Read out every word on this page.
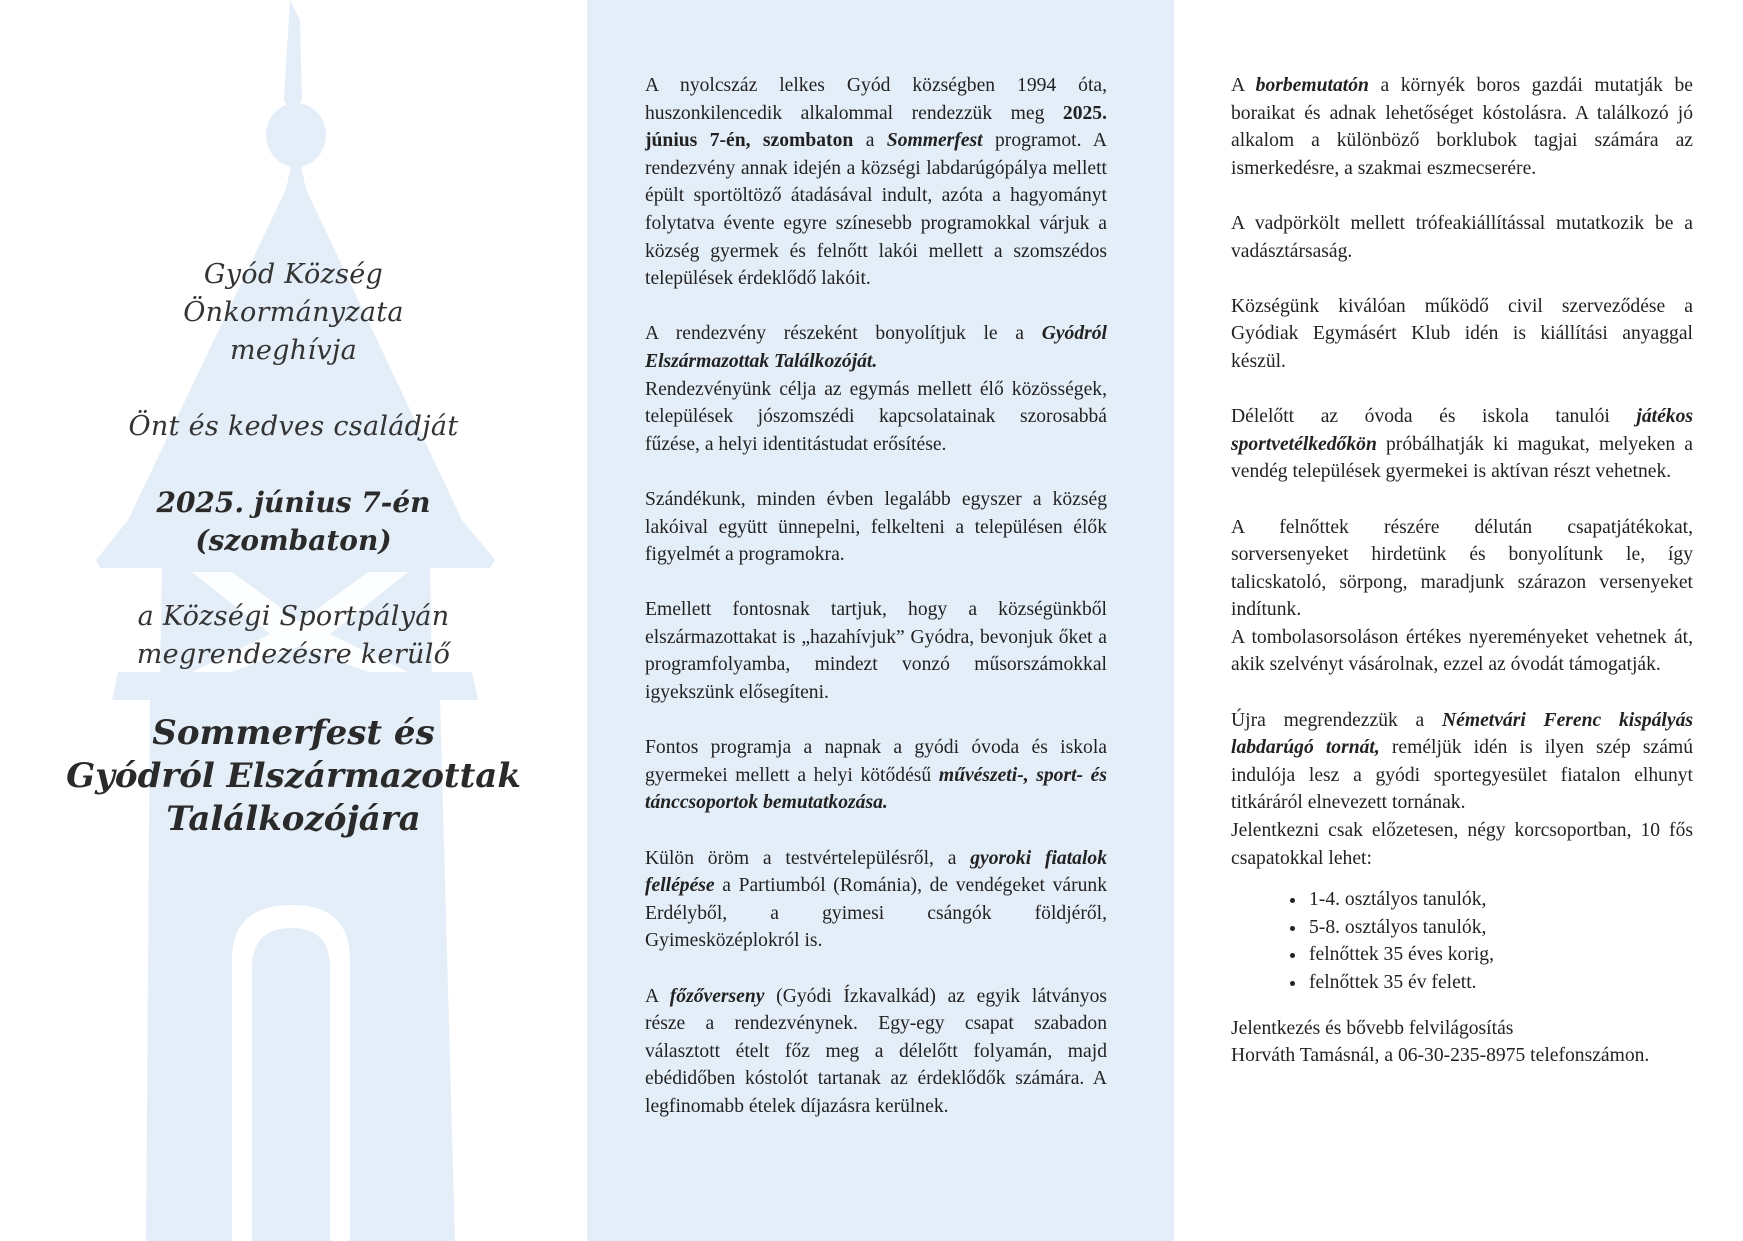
Gyód Község

Önkormányzata

meghívja

Önt és kedves családját

2025. június 7-én

(szombaton)

a Községi Sportpályán

megrendezésre kerülő

Sommerfest és

Gyódról Elszármazottak

Találkozójára

A nyolcszáz lelkes Gyód községben 1994 óta, huszonkilencedik alkalommal rendezzük meg 2025. június 7-én, szombaton a Sommerfest programot. A rendezvény annak idején a községi labdarúgópálya mellett épült sportöltöző átadásával indult, azóta a hagyományt folytatva évente egyre színesebb programokkal várjuk a község gyermek és felnőtt lakói mellett a szomszédos települések érdeklődő lakóit.

A rendezvény részeként bonyolítjuk le a Gyódról Elszármazottak Találkozóját.
Rendezvényünk célja az egymás mellett élő közösségek, települések jószomszédi kapcsolatainak szorosabbá fűzése, a helyi identitástudat erősítése.

Szándékunk, minden évben legalább egyszer a község lakóival együtt ünnepelni, felkelteni a településen élők figyelmét a programokra.

Emellett fontosnak tartjuk, hogy a községünkből elszármazottakat is „hazahívjuk” Gyódra, bevonjuk őket a programfolyamba, mindezt vonzó műsorszámokkal igyekszünk elősegíteni.

Fontos programja a napnak a gyódi óvoda és iskola gyermekei mellett a helyi kötődésű művészeti-, sport- és tánccsoportok bemutatkozása.

Külön öröm a testvértelepülésről, a gyoroki fiatalok fellépése a Partiumból (Románia), de vendégeket várunk Erdélyből, a gyimesi csángók földjéről, Gyimesközéplokról is.

A főzőverseny (Gyódi Ízkavalkád) az egyik látványos része a rendezvénynek. Egy-egy csapat szabadon választott ételt főz meg a délelőtt folyamán, majd ebédidőben kóstolót tartanak az érdeklődők számára. A legfinomabb ételek díjazásra kerülnek.

A borbemutatón a környék boros gazdái mutatják be boraikat és adnak lehetőséget kóstolásra. A találkozó jó alkalom a különböző borklubok tagjai számára az ismerkedésre, a szakmai eszmecserére.

A vadpörkölt mellett trófeakiállítással mutatkozik be a vadásztársaság.

Községünk kiválóan működő civil szerveződése a Gyódiak Egymásért Klub idén is kiállítási anyaggal készül.

Délelőtt az óvoda és iskola tanulói játékos sportvetélkedőkön próbálhatják ki magukat, melyeken a vendég települések gyermekei is aktívan részt vehetnek.

A felnőttek részére délután csapatjátékokat, sorversenyeket hirdetünk és bonyolítunk le, így talicskatoló, sörpong, maradjunk szárazon versenyeket indítunk.

A tombolasorsoláson értékes nyereményeket vehetnek át, akik szelvényt vásárolnak, ezzel az óvodát támogatják.

Újra megrendezzük a Németvári Ferenc kispályás labdarúgó tornát, reméljük idén is ilyen szép számú indulója lesz a gyódi sportegyesület fiatalon elhunyt titkáráról elnevezett tornának.
Jelentkezni csak előzetesen, négy korcsoportban, 10 fős csapatokkal lehet:

• 1-4. osztályos tanulók,
• 5-8. osztályos tanulók,
• felnőttek 35 éves korig,
• felnőttek 35 év felett.

Jelentkezés és bővebb felvilágosítás
Horváth Tamásnál, a 06-30-235-8975 telefonszámon.
